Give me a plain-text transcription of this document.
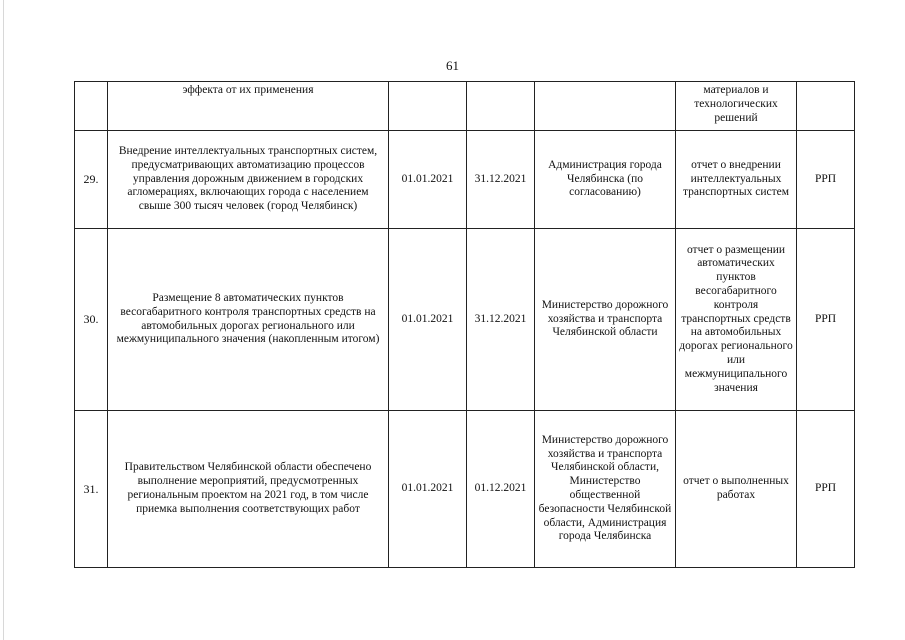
61
	эффекта от их применения				материалов и технологических решений	
29.	Внедрение интеллектуальных транспортных систем, предусматривающих автоматизацию процессов управления дорожным движением в городских агломерациях, включающих города с населением свыше 300 тысяч человек (город Челябинск)	01.01.2021	31.12.2021	Администрация города Челябинска (по согласованию)	отчет о внедрении интеллектуальных транспортных систем	РРП
30.	Размещение 8 автоматических пунктов весогабаритного контроля транспортных средств на автомобильных дорогах регионального или межмуниципального значения (накопленным итогом)	01.01.2021	31.12.2021	Министерство дорожного хозяйства и транспорта Челябинской области	отчет о размещении автоматических пунктов весогабаритного контроля транспортных средств на автомобильных дорогах регионального или межмуниципального значения	РРП
31.	Правительством Челябинской области обеспечено выполнение мероприятий, предусмотренных региональным проектом на 2021 год, в том числе приемка выполнения соответствующих работ	01.01.2021	01.12.2021	Министерство дорожного хозяйства и транспорта Челябинской области, Министерство общественной безопасности Челябинской области, Администрация города Челябинска	отчет о выполненных работах	РРП
